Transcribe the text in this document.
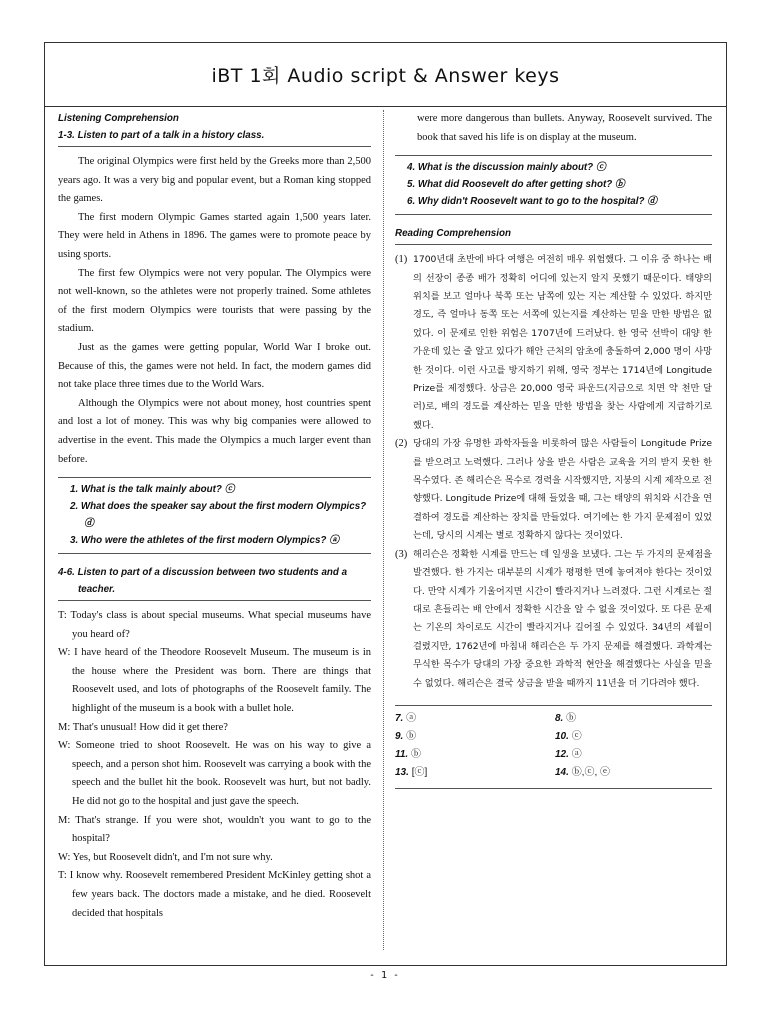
iBT 1회 Audio script & Answer keys
Listening Comprehension
1-3. Listen to part of a talk in a history class.

The original Olympics were first held by the Greeks more than 2,500 years ago. It was a very big and popular event, but a Roman king stopped the games.

The first modern Olympic Games started again 1,500 years later. They were held in Athens in 1896. The games were to promote peace by using sports.

The first few Olympics were not very popular. The Olympics were not well-known, so the athletes were not properly trained. Some athletes of the first modern Olympics were tourists that were passing by the stadium.

Just as the games were getting popular, World War I broke out. Because of this, the games were not held. In fact, the modern games did not take place three times due to the World Wars.

Although the Olympics were not about money, host countries spent and lost a lot of money. This was why big companies were allowed to advertise in the event. This made the Olympics a much larger event than before.

1. What is the talk mainly about? ⓒ
2. What does the speaker say about the first modern Olympics? ⓓ
3. Who were the athletes of the first modern Olympics? ⓐ
4-6. Listen to part of a discussion between two students and a teacher.

T: Today's class is about special museums. What special museums have you heard of?

W: I have heard of the Theodore Roosevelt Museum. The museum is in the house where the President was born. There are things that Roosevelt used, and lots of photographs of the Roosevelt family. The highlight of the museum is a book with a bullet hole.

M: That's unusual! How did it get there?

W: Someone tried to shoot Roosevelt. He was on his way to give a speech, and a person shot him. Roosevelt was carrying a book with the speech and the bullet hit the book. Roosevelt was hurt, but not badly. He did not go to the hospital and just gave the speech.

M: That's strange. If you were shot, wouldn't you want to go to the hospital?

W: Yes, but Roosevelt didn't, and I'm not sure why.

T: I know why. Roosevelt remembered President McKinley getting shot a few years back. The doctors made a mistake, and he died. Roosevelt decided that hospitals

were more dangerous than bullets. Anyway, Roosevelt survived. The book that saved his life is on display at the museum.

4. What is the discussion mainly about? ⓒ
5. What did Roosevelt do after getting shot? ⓑ
6. Why didn't Roosevelt want to go to the hospital? ⓓ
Reading Comprehension
(1) 1700년대 초반에 바다 여행은 여전히 매우 위험했다. 그 이유 중 하나는 배의 선장이 종종 배가 정확히 어디에 있는지 알지 못했기 때문이다. 태양의 위치를 보고 얼마나 북쪽 또는 남쪽에 있는 지는 계산할 수 있었다. 하지만 경도, 즉 얼마나 동쪽 또는 서쪽에 있는지를 계산하는 믿을 만한 방법은 없었다. 이 문제로 인한 위험은 1707년에 드러났다. 한 영국 선박이 대양 한 가운데 있는 줄 알고 있다가 해안 근처의 암초에 충돌하여 2,000 명이 사망한 것이다. 이런 사고를 방지하기 위해, 영국 정부는 1714년에 Longitude Prize를 제정했다. 상금은 20,000 영국 파운드(지금으로 치면 약 천만 달러)로, 배의 경도를 계산하는 믿을 만한 방법을 찾는 사람에게 지급하기로 했다.
(2) 당대의 가장 유명한 과학자들을 비롯하여 많은 사람들이 Longitude Prize를 받으려고 노력했다. 그러나 상을 받은 사람은 교육을 거의 받지 못한 한 목수였다. 존 해리슨은 목수로 경력을 시작했지만, 지붕의 시계 제작으로 전향했다. Longitude Prize에 대해 들었을 때, 그는 태양의 위치와 시간을 연결하여 경도를 계산하는 장치를 만들었다. 여기에는 한 가지 문제점이 있었는데, 당시의 시계는 별로 정확하지 않다는 것이었다.
(3) 해리슨은 정확한 시계를 만드는 데 일생을 보냈다. 그는 두 가지의 문제점을 발견했다. 한 가지는 대부분의 시계가 평평한 면에 놓여져야 한다는 것이었다. 만약 시계가 기울어지면 시간이 빨라지거나 느려졌다. 그런 시계로는 절대로 흔들리는 배 안에서 정확한 시간을 알 수 없을 것이었다. 또 다른 문제는 기온의 차이로도 시간이 빨라지거나 길어질 수 있었다. 34년의 세월이 걸렸지만, 1762년에 마침내 해리슨은 두 가지 문제를 해결했다. 과학계는 무식한 목수가 당대의 가장 중요한 과학적 현안을 해결했다는 사실을 믿을 수 없었다. 해리슨은 결국 상금을 받을 때까지 11년을 더 기다려야 했다.
7. ⓐ	8. ⓑ
9. ⓑ	10. ⓒ
11. ⓑ	12. ⓐ
13. [ⓒ]	14. ⓑ,ⓒ, ⓔ
- 1 -
